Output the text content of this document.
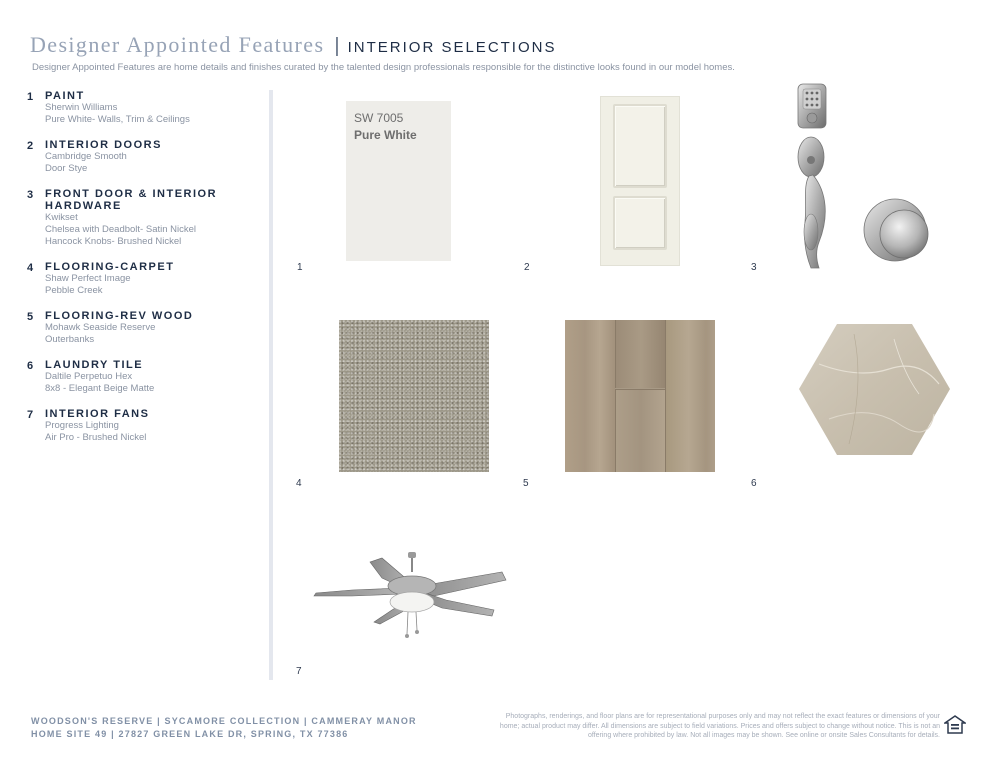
Designer Appointed Features | INTERIOR SELECTIONS
Designer Appointed Features are home details and finishes curated by the talented design professionals responsible for the distinctive looks found in our model homes.
1	PAINT
Sherwin Williams
Pure White- Walls, Trim & Ceilings
2	INTERIOR DOORS
Cambridge Smooth
Door Stye
3	FRONT DOOR & INTERIOR HARDWARE
Kwikset
Chelsea with Deadbolt- Satin Nickel
Hancock Knobs- Brushed Nickel
4	FLOORING-CARPET
Shaw Perfect Image
Pebble Creek
5	FLOORING-REV WOOD
Mohawk Seaside Reserve
Outerbanks
6	LAUNDRY TILE
Daltile Perpetuo Hex
8x8 - Elegant Beige Matte
7	INTERIOR FANS
Progress Lighting
Air Pro - Brushed Nickel
SW 7005
Pure White
1	2	3
4	5	6
7
WOODSON'S RESERVE | SYCAMORE COLLECTION | CAMMERAY MANOR
HOME SITE 49 | 27827 GREEN LAKE DR, SPRING, TX 77386
Photographs, renderings, and floor plans are for representational purposes only and may not reflect the exact features or dimensions of your home; actual product may differ. All dimensions are subject to field variations. Prices and offers subject to change without notice. This is not an offering where prohibited by law. Not all images may be shown. See online or onsite Sales Consultants for details.
